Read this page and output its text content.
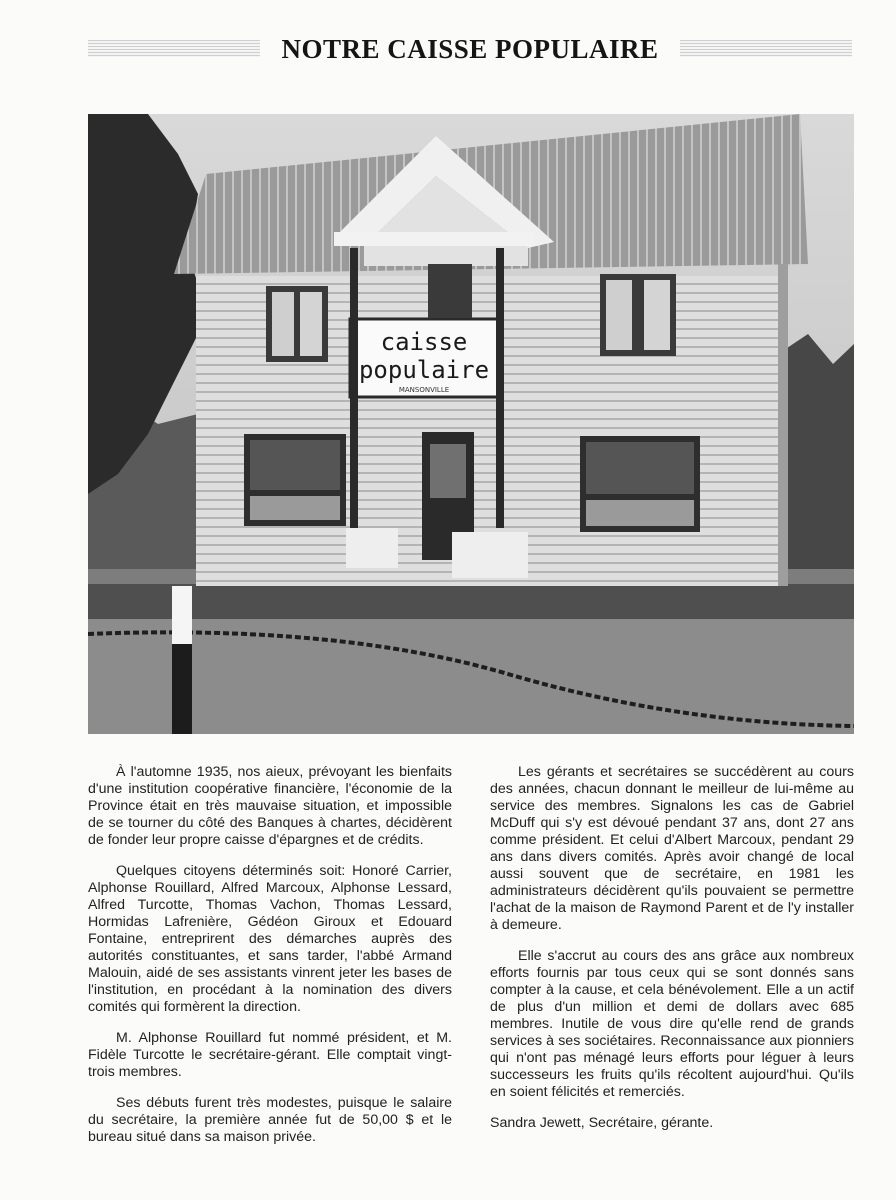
NOTRE CAISSE POPULAIRE
caisse
populaire
MANSONVILLE

À l'automne 1935, nos aieux, prévoyant les bienfaits d'une institution coopérative financière, l'économie de la Province était en très mauvaise situation, et impossible de se tourner du côté des Banques à chartes, décidèrent de fonder leur propre caisse d'épargnes et de crédits.

Quelques citoyens déterminés soit: Honoré Carrier, Alphonse Rouillard, Alfred Marcoux, Alphonse Lessard, Alfred Turcotte, Thomas Vachon, Thomas Lessard, Hormidas Lafrenière, Gédéon Giroux et Edouard Fontaine, entreprirent des démarches auprès des autorités constituantes, et sans tarder, l'abbé Armand Malouin, aidé de ses assistants vinrent jeter les bases de l'institution, en procédant à la nomination des divers comités qui formèrent la direction.

M. Alphonse Rouillard fut nommé président, et M. Fidèle Turcotte le secrétaire-gérant. Elle comptait vingt-trois membres.

Ses débuts furent très modestes, puisque le salaire du secrétaire, la première année fut de 50,00 $ et le bureau situé dans sa maison privée.

Les gérants et secrétaires se succédèrent au cours des années, chacun donnant le meilleur de lui-même au service des membres. Signalons les cas de Gabriel McDuff qui s'y est dévoué pendant 37 ans, dont 27 ans comme président. Et celui d'Albert Marcoux, pendant 29 ans dans divers comités. Après avoir changé de local aussi souvent que de secrétaire, en 1981 les administrateurs décidèrent qu'ils pouvaient se permettre l'achat de la maison de Raymond Parent et de l'y installer à demeure.

Elle s'accrut au cours des ans grâce aux nombreux efforts fournis par tous ceux qui se sont donnés sans compter à la cause, et cela bénévolement. Elle a un actif de plus d'un million et demi de dollars avec 685 membres. Inutile de vous dire qu'elle rend de grands services à ses sociétaires. Reconnaissance aux pionniers qui n'ont pas ménagé leurs efforts pour léguer à leurs successeurs les fruits qu'ils récoltent aujourd'hui. Qu'ils en soient félicités et remerciés.

Sandra Jewett, Secrétaire, gérante.
